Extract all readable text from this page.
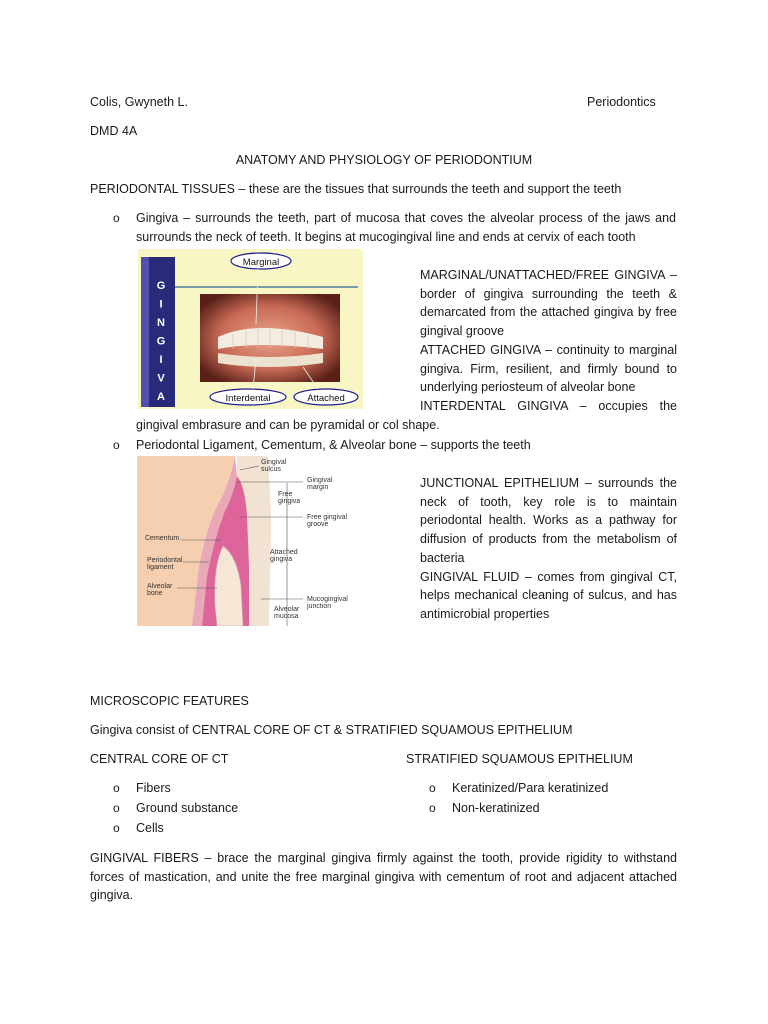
Colis, Gwyneth L.	Periodontics
DMD 4A
ANATOMY AND PHYSIOLOGY OF PERIODONTIUM
PERIODONTAL TISSUES – these are the tissues that surrounds the teeth and support the teeth
o Gingiva – surrounds the teeth, part of mucosa that coves the alveolar process of the jaws and

surrounds the neck of teeth. It begins at mucogingival line and ends at cervix of each tooth

G
I
N
G
I
V
A
Marginal
Interdental	Attached

MARGINAL/UNATTACHED/FREE GINGIVA – border of gingiva surrounding the teeth & demarcated from the attached gingiva by free gingival groove

ATTACHED GINGIVA – continuity to marginal gingiva. Firm, resilient, and firmly bound to underlying periosteum of alveolar bone

INTERDENTAL GINGIVA – occupies the

gingival embrasure and can be pyramidal or col shape.
o Periodontal Ligament, Cementum, & Alveolar bone – supports the teeth
Gingival sulcus
Gingival margin
Free gingiva
Free gingival groove
Cementum
Periodontal ligament
Attached gingiva
Alveolar bone
Mucogingival junction
Alveolar mucosa

JUNCTIONAL EPITHELIUM – surrounds the neck of tooth, key role is to maintain periodontal health. Works as a pathway for diffusion of products from the metabolism of bacteria

GINGIVAL FLUID – comes from gingival CT, helps mechanical cleaning of sulcus, and has antimicrobial properties

MICROSCOPIC FEATURES
Gingiva consist of CENTRAL CORE OF CT & STRATIFIED SQUAMOUS EPITHELIUM
CENTRAL CORE OF CT	STRATIFIED SQUAMOUS EPITHELIUM
o Fibers
o Ground substance
o Cells
o Keratinized/Para keratinized
o Non-keratinized

GINGIVAL FIBERS – brace the marginal gingiva firmly against the tooth, provide rigidity to withstand forces of mastication, and unite the free marginal gingiva with cementum of root and adjacent attached gingiva.
